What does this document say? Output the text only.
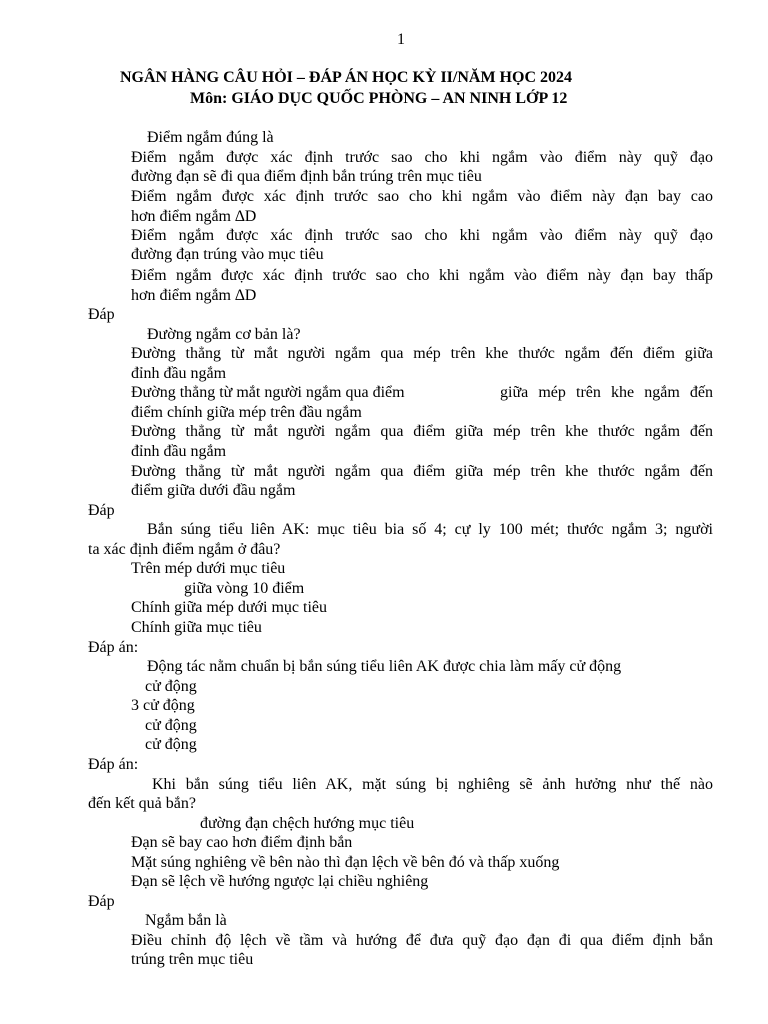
1
NGÂN HÀNG CÂU HỎI – ĐÁP ÁN HỌC KỲ II/NĂM HỌC 2024
Môn: GIÁO DỤC QUỐC PHÒNG – AN NINH LỚP 12
Điểm ngắm đúng là
Điểm ngắm được xác định trước sao cho khi ngắm vào điểm này quỹ đạo
đường đạn sẽ đi qua điểm định bắn trúng trên mục tiêu
Điểm ngắm được xác định trước sao cho khi ngắm vào điểm này đạn bay cao
hơn điểm ngắm ∆D
Điểm ngắm được xác định trước sao cho khi ngắm vào điểm này quỹ đạo
đường đạn trúng vào mục tiêu
Điểm ngắm được xác định trước sao cho khi ngắm vào điểm này đạn bay thấp
hơn điểm ngắm ∆D
Đáp
Đường ngắm cơ bản là?
Đường thẳng từ mắt người ngắm qua mép trên khe thước ngắm đến điểm giữa
đỉnh đầu ngắm
Đường thẳng từ mắt người ngắm qua điểm	giữa mép trên khe ngắm đến
điểm chính giữa mép trên đầu ngắm
Đường thẳng từ mắt người ngắm qua điểm giữa mép trên khe thước ngắm đến
đỉnh đầu ngắm
Đường thẳng từ mắt người ngắm qua điểm giữa mép trên khe thước ngắm đến
điểm giữa dưới đầu ngắm
Đáp
Bắn súng tiểu liên AK: mục tiêu bia số 4; cự ly 100 mét; thước ngắm 3; người
ta xác định điểm ngắm ở đâu?
Trên mép dưới mục tiêu
giữa vòng 10 điểm
Chính giữa mép dưới mục tiêu
Chính giữa mục tiêu
Đáp án:
Động tác nằm chuẩn bị bắn súng tiểu liên AK được chia làm mấy cử động
cử động
3 cử động
cử động
cử động
Đáp án:
Khi bắn súng tiểu liên AK, mặt súng bị nghiêng sẽ ảnh hưởng như thế nào
đến kết quả bắn?
đường đạn chệch hướng mục tiêu
Đạn sẽ bay cao hơn điểm định bắn
Mặt súng nghiêng về bên nào thì đạn lệch về bên đó và thấp xuống
Đạn sẽ lệch về hướng ngược lại chiều nghiêng
Đáp
Ngắm bắn là
Điều chỉnh độ lệch về tầm và hướng để đưa quỹ đạo đạn đi qua điểm định bắn
trúng trên mục tiêu
